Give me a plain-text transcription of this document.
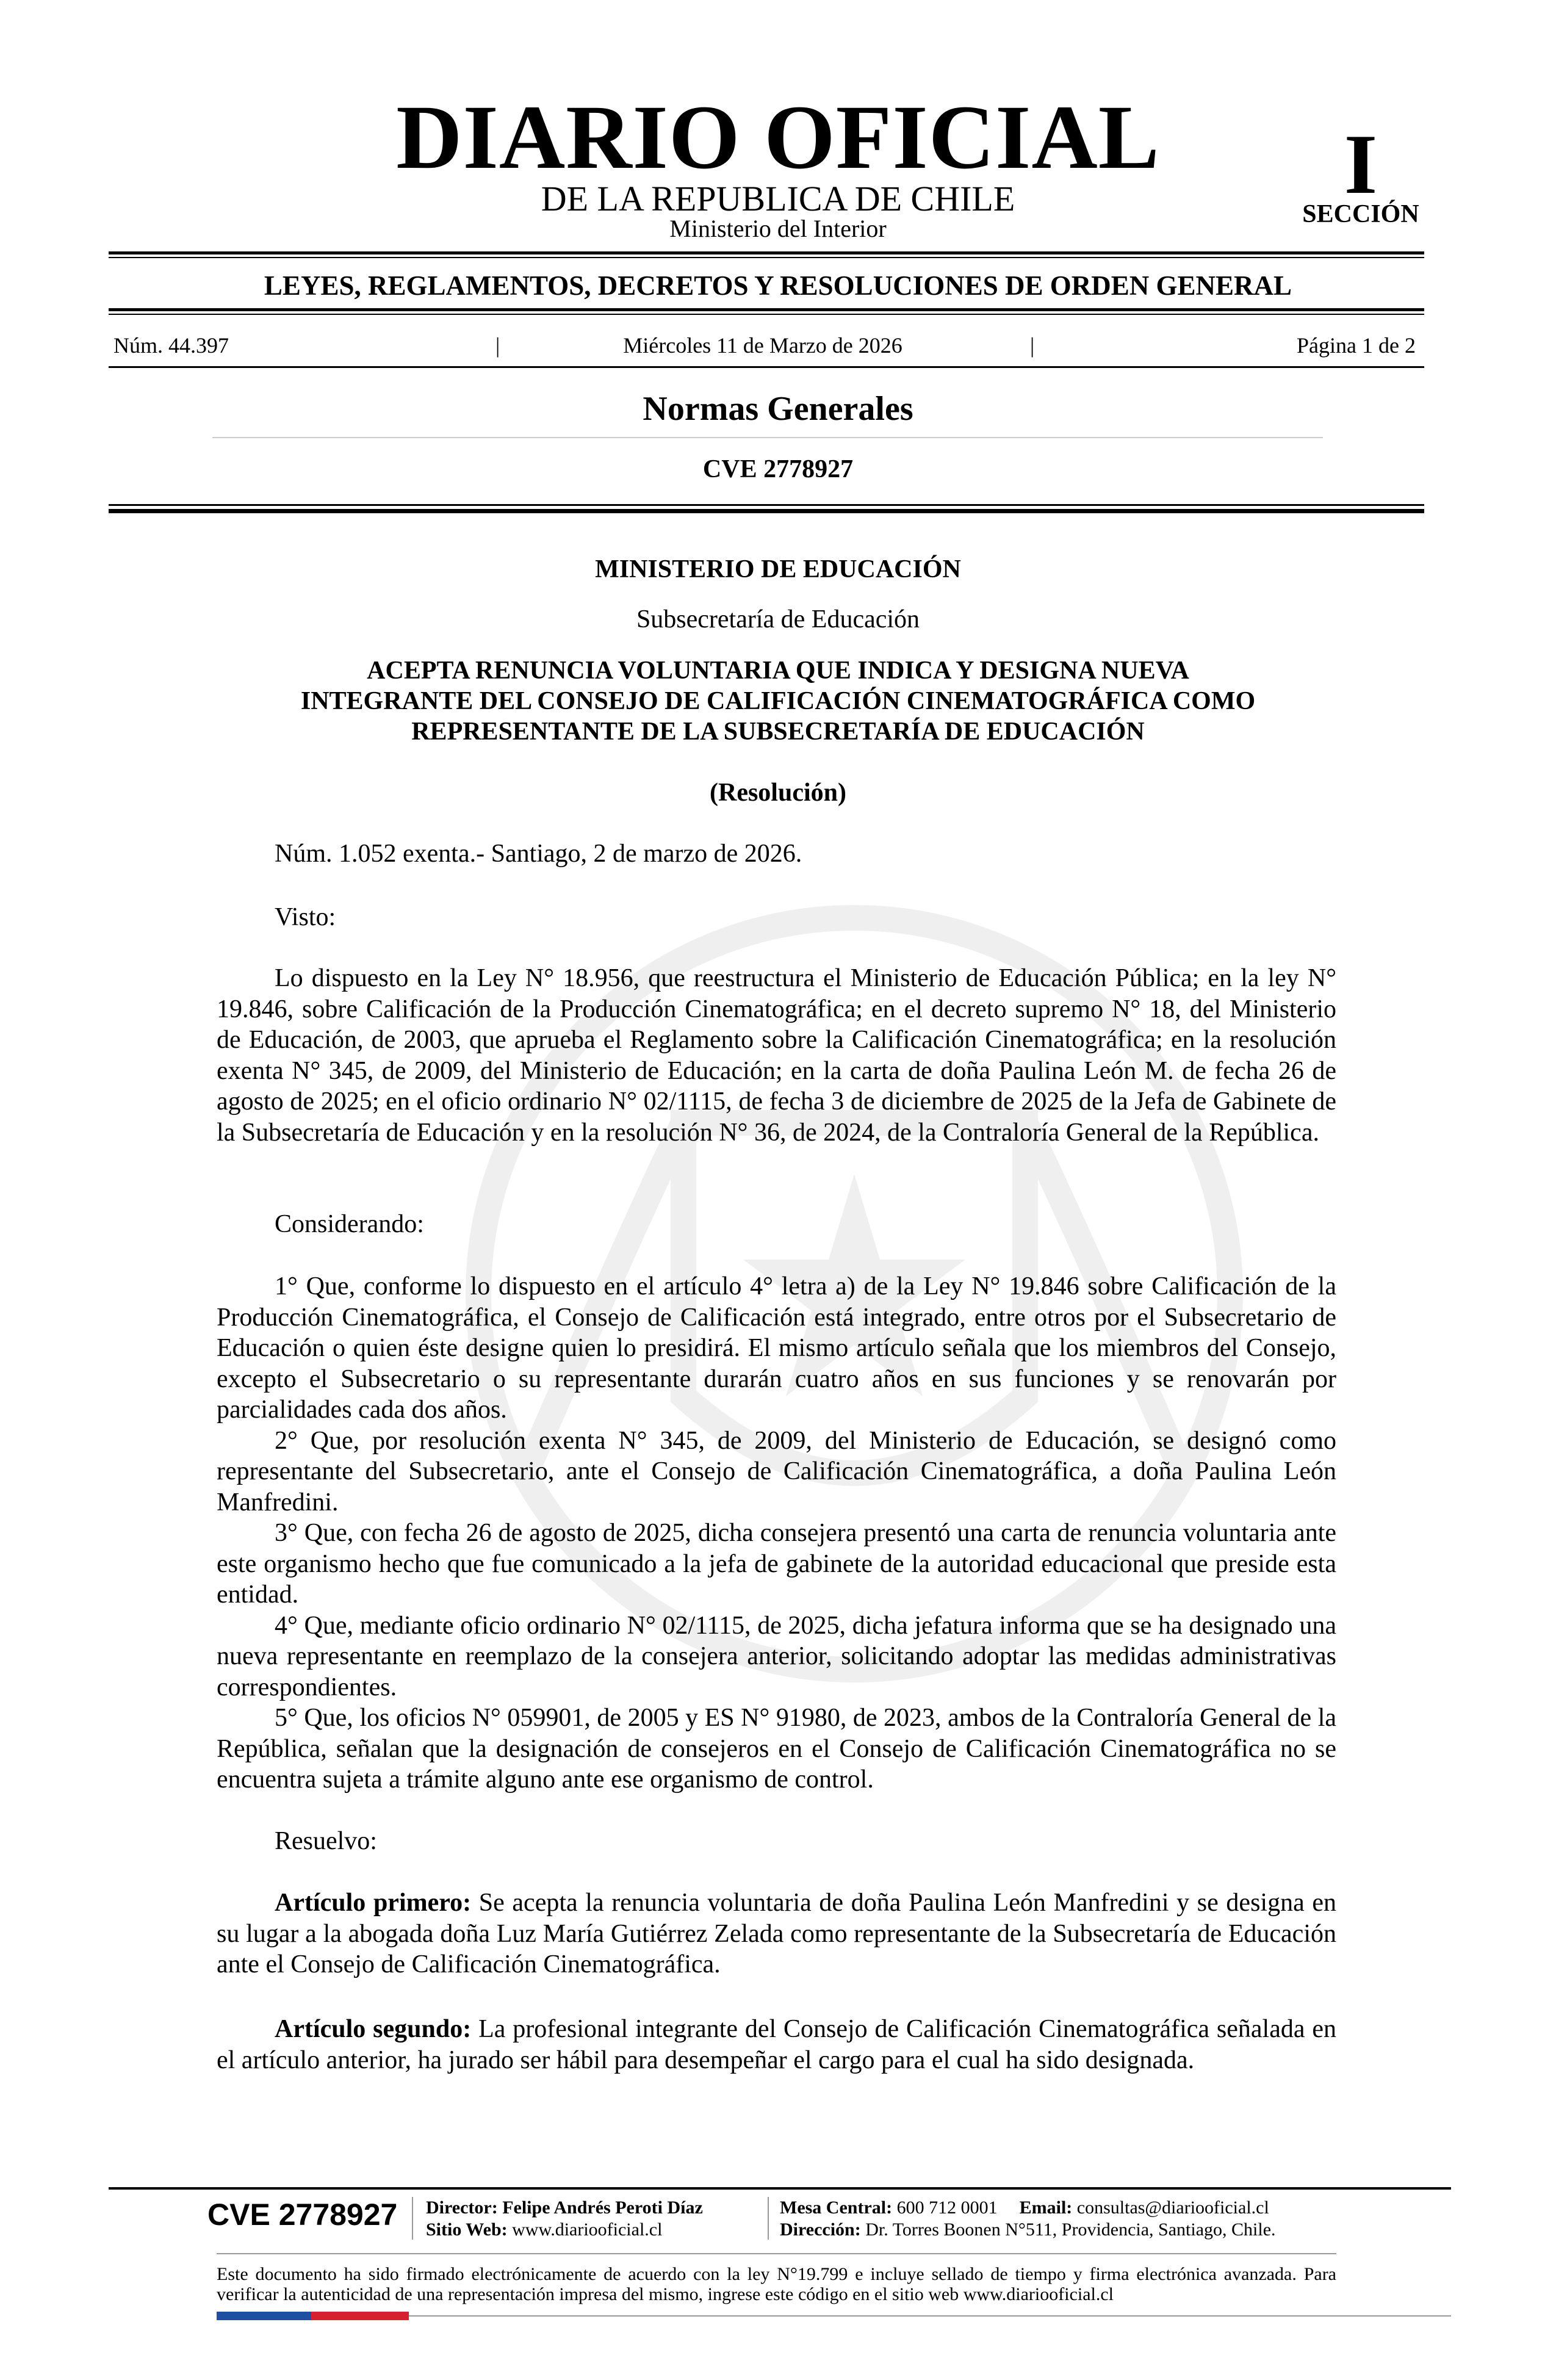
DIARIO OFICIAL
DE LA REPUBLICA DE CHILE
Ministerio del Interior
I
SECCIÓN
LEYES, REGLAMENTOS, DECRETOS Y RESOLUCIONES DE ORDEN GENERAL
Núm. 44.397	|	Miércoles 11 de Marzo de 2026	|	Página 1 de 2
Normas Generales
CVE 2778927
MINISTERIO DE EDUCACIÓN
Subsecretaría de Educación
ACEPTA RENUNCIA VOLUNTARIA QUE INDICA Y DESIGNA NUEVA
INTEGRANTE DEL CONSEJO DE CALIFICACIÓN CINEMATOGRÁFICA COMO
REPRESENTANTE DE LA SUBSECRETARÍA DE EDUCACIÓN
(Resolución)
Núm. 1.052 exenta.- Santiago, 2 de marzo de 2026.
Visto:
Lo dispuesto en la Ley N° 18.956, que reestructura el Ministerio de Educación Pública; en la ley N° 19.846, sobre Calificación de la Producción Cinematográfica; en el decreto supremo N° 18, del Ministerio de Educación, de 2003, que aprueba el Reglamento sobre la Calificación Cinematográfica; en la resolución exenta N° 345, de 2009, del Ministerio de Educación; en la carta de doña Paulina León M. de fecha 26 de agosto de 2025; en el oficio ordinario N° 02/1115, de fecha 3 de diciembre de 2025 de la Jefa de Gabinete de la Subsecretaría de Educación y en la resolución N° 36, de 2024, de la Contraloría General de la República.
Considerando:
1° Que, conforme lo dispuesto en el artículo 4° letra a) de la Ley N° 19.846 sobre Calificación de la Producción Cinematográfica, el Consejo de Calificación está integrado, entre otros por el Subsecretario de Educación o quien éste designe quien lo presidirá. El mismo artículo señala que los miembros del Consejo, excepto el Subsecretario o su representante durarán cuatro años en sus funciones y se renovarán por parcialidades cada dos años.
2° Que, por resolución exenta N° 345, de 2009, del Ministerio de Educación, se designó como representante del Subsecretario, ante el Consejo de Calificación Cinematográfica, a doña Paulina León Manfredini.
3° Que, con fecha 26 de agosto de 2025, dicha consejera presentó una carta de renuncia voluntaria ante este organismo hecho que fue comunicado a la jefa de gabinete de la autoridad educacional que preside esta entidad.
4° Que, mediante oficio ordinario N° 02/1115, de 2025, dicha jefatura informa que se ha designado una nueva representante en reemplazo de la consejera anterior, solicitando adoptar las medidas administrativas correspondientes.
5° Que, los oficios N° 059901, de 2005 y ES N° 91980, de 2023, ambos de la Contraloría General de la República, señalan que la designación de consejeros en el Consejo de Calificación Cinematográfica no se encuentra sujeta a trámite alguno ante ese organismo de control.
Resuelvo:
Artículo primero: Se acepta la renuncia voluntaria de doña Paulina León Manfredini y se designa en su lugar a la abogada doña Luz María Gutiérrez Zelada como representante de la Subsecretaría de Educación ante el Consejo de Calificación Cinematográfica.
Artículo segundo: La profesional integrante del Consejo de Calificación Cinematográfica señalada en el artículo anterior, ha jurado ser hábil para desempeñar el cargo para el cual ha sido designada.
CVE 2778927 Director: Felipe Andrés Peroti Díaz
Sitio Web: www.diariooficial.cl
Mesa Central: 600 712 0001 Email: consultas@diariooficial.cl
Dirección: Dr. Torres Boonen N°511, Providencia, Santiago, Chile.
Este documento ha sido firmado electrónicamente de acuerdo con la ley N°19.799 e incluye sellado de tiempo y firma electrónica avanzada. Para verificar la autenticidad de una representación impresa del mismo, ingrese este código en el sitio web www.diariooficial.cl
